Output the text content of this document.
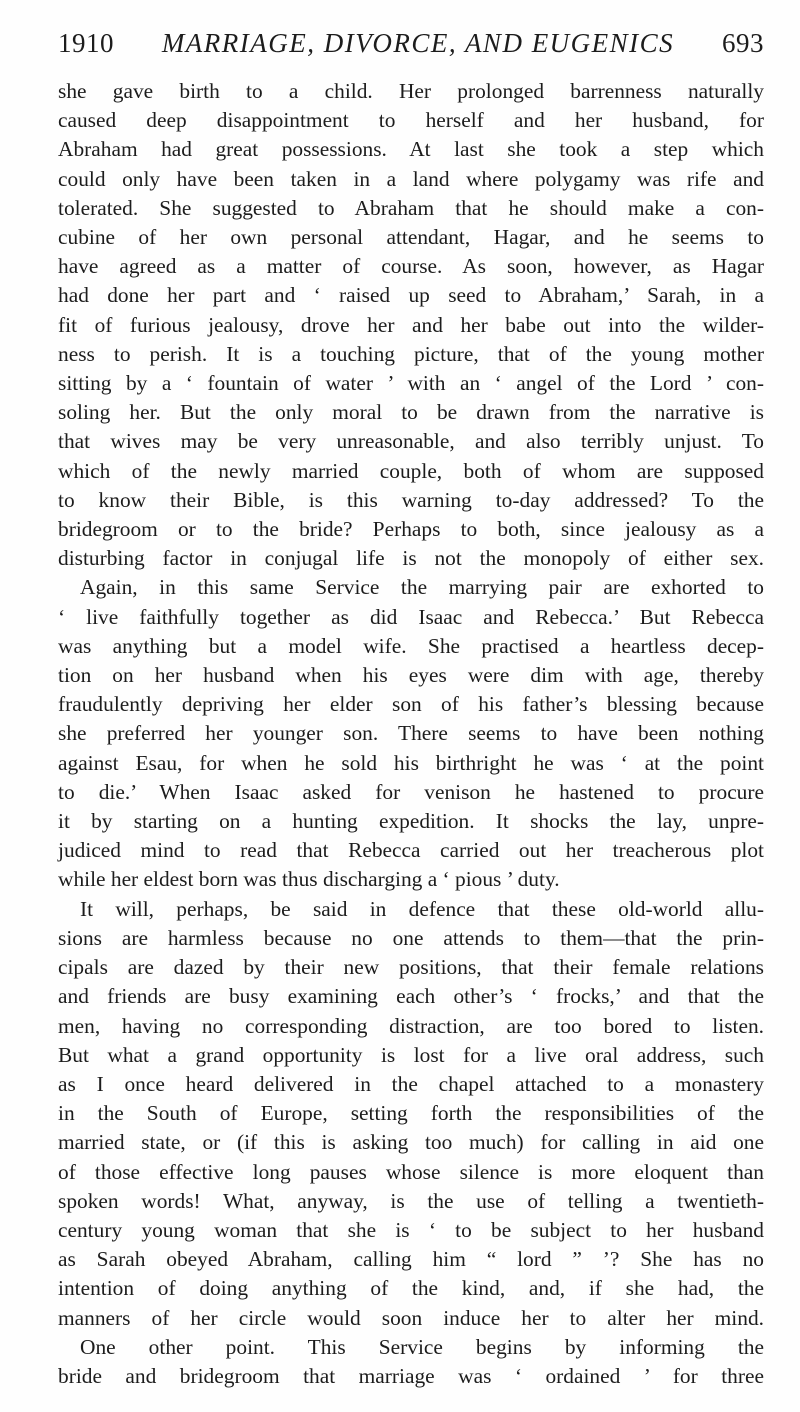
1910 MARRIAGE, DIVORCE, AND EUGENICS 693
she gave birth to a child. Her prolonged barrenness naturally
caused deep disappointment to herself and her husband, for
Abraham had great possessions. At last she took a step which
could only have been taken in a land where polygamy was rife and
tolerated. She suggested to Abraham that he should make a con-
cubine of her own personal attendant, Hagar, and he seems to
have agreed as a matter of course. As soon, however, as Hagar
had done her part and ‘ raised up seed to Abraham,’ Sarah, in a
fit of furious jealousy, drove her and her babe out into the wilder-
ness to perish. It is a touching picture, that of the young mother
sitting by a ‘ fountain of water ’ with an ‘ angel of the Lord ’ con-
soling her. But the only moral to be drawn from the narrative is
that wives may be very unreasonable, and also terribly unjust. To
which of the newly married couple, both of whom are supposed
to know their Bible, is this warning to-day addressed? To the
bridegroom or to the bride? Perhaps to both, since jealousy as a
disturbing factor in conjugal life is not the monopoly of either sex.
Again, in this same Service the marrying pair are exhorted to
‘ live faithfully together as did Isaac and Rebecca.’ But Rebecca
was anything but a model wife. She practised a heartless decep-
tion on her husband when his eyes were dim with age, thereby
fraudulently depriving her elder son of his father’s blessing because
she preferred her younger son. There seems to have been nothing
against Esau, for when he sold his birthright he was ‘ at the point
to die.’ When Isaac asked for venison he hastened to procure
it by starting on a hunting expedition. It shocks the lay, unpre-
judiced mind to read that Rebecca carried out her treacherous plot
while her eldest born was thus discharging a ‘ pious ’ duty.
It will, perhaps, be said in defence that these old-world allu-
sions are harmless because no one attends to them—that the prin-
cipals are dazed by their new positions, that their female relations
and friends are busy examining each other’s ‘ frocks,’ and that the
men, having no corresponding distraction, are too bored to listen.
But what a grand opportunity is lost for a live oral address, such
as I once heard delivered in the chapel attached to a monastery
in the South of Europe, setting forth the responsibilities of the
married state, or (if this is asking too much) for calling in aid one
of those effective long pauses whose silence is more eloquent than
spoken words! What, anyway, is the use of telling a twentieth-
century young woman that she is ‘ to be subject to her husband
as Sarah obeyed Abraham, calling him “ lord ” ’? She has no
intention of doing anything of the kind, and, if she had, the
manners of her circle would soon induce her to alter her mind.
One other point. This Service begins by informing the
bride and bridegroom that marriage was ‘ ordained ’ for three
